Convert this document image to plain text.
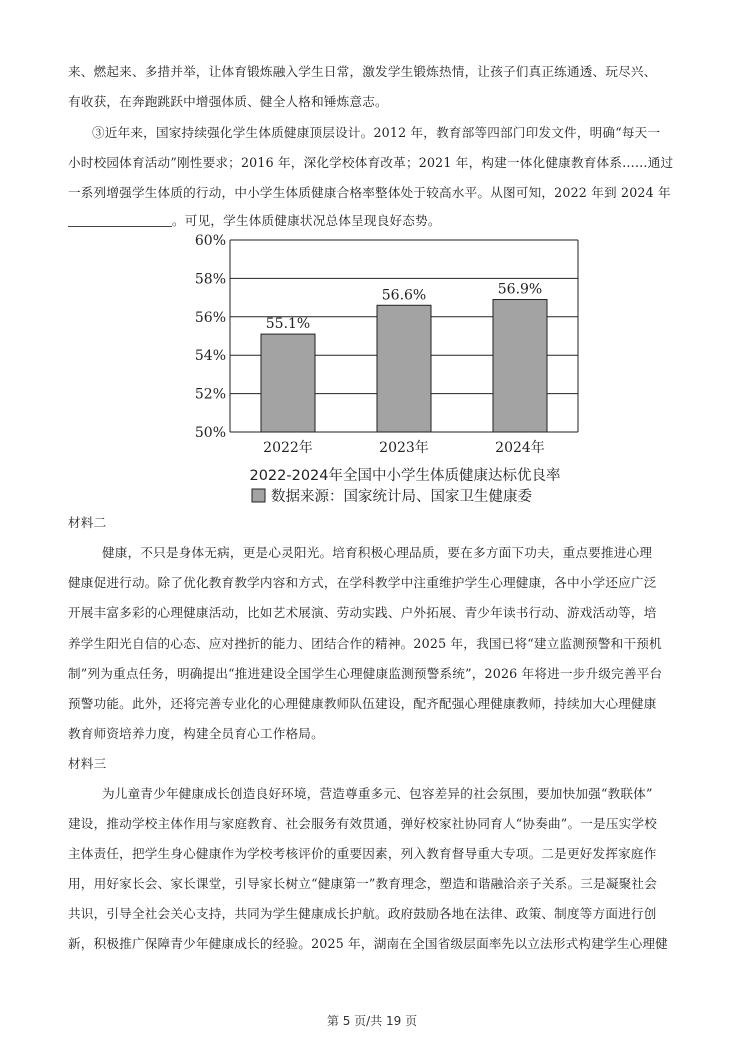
来、燃起来、多措并举，让体育锻炼融入学生日常，激发学生锻炼热情，让孩子们真正练通透、玩尽兴、
有收获，在奔跑跳跃中增强体质、健全人格和锤炼意志。
③近年来，国家持续强化学生体质健康顶层设计。2012 年，教育部等四部门印发文件，明确“每天一
小时校园体育活动”刚性要求；2016 年，深化学校体育改革；2021 年，构建一体化健康教育体系……通过
一系列增强学生体质的行动，中小学生体质健康合格率整体处于较高水平。从图可知，2022 年到 2024 年
。可见，学生体质健康状况总体呈现良好态势。
50%
52%
54%
56%
58%
60%
2022年	2023年	2024年
55.1%
56.6%	56.9%
2022-2024年全国中小学生体质健康达标优良率
数据来源：国家统计局、国家卫生健康委
材料二
健康，不只是身体无病，更是心灵阳光。培育积极心理品质，要在多方面下功夫，重点要推进心理
健康促进行动。除了优化教育教学内容和方式，在学科教学中注重维护学生心理健康，各中小学还应广泛
开展丰富多彩的心理健康活动，比如艺术展演、劳动实践、户外拓展、青少年读书行动、游戏活动等，培
养学生阳光自信的心态、应对挫折的能力、团结合作的精神。2025 年，我国已将“建立监测预警和干预机
制”列为重点任务，明确提出“推进建设全国学生心理健康监测预警系统”，2026 年将进一步升级完善平台
预警功能。此外，还将完善专业化的心理健康教师队伍建设，配齐配强心理健康教师，持续加大心理健康
教育师资培养力度，构建全员育心工作格局。
材料三
为儿童青少年健康成长创造良好环境，营造尊重多元、包容差异的社会氛围，要加快加强“教联体”
建设，推动学校主体作用与家庭教育、社会服务有效贯通，弹好校家社协同育人“协奏曲”。一是压实学校
主体责任，把学生身心健康作为学校考核评价的重要因素，列入教育督导重大专项。二是更好发挥家庭作
用，用好家长会、家长课堂，引导家长树立“健康第一”教育理念，塑造和谐融洽亲子关系。三是凝聚社会
共识，引导全社会关心支持，共同为学生健康成长护航。政府鼓励各地在法律、政策、制度等方面进行创
新，积极推广保障青少年健康成长的经验。2025 年，湖南在全国省级层面率先以立法形式构建学生心理健
第 5 页/共 19 页
